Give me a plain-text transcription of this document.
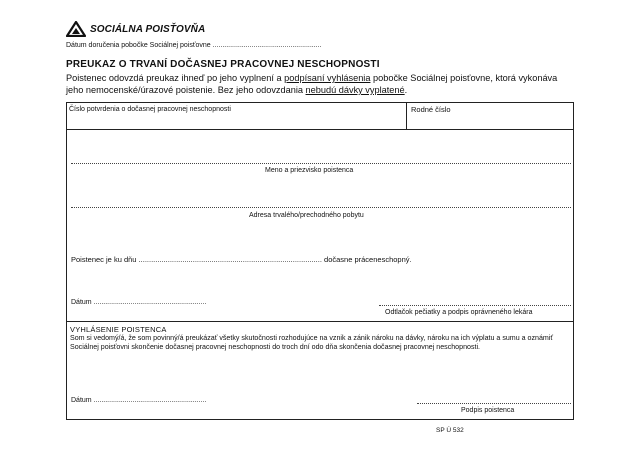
SOCIÁLNA POISŤOVŇA
Dátum doručenia pobočke Sociálnej poisťovne ........................................................
PREUKAZ O TRVANÍ DOČASNEJ PRACOVNEJ NESCHOPNOSTI
Poistenec odovzdá preukaz ihneď po jeho vyplnení a podpísaní vyhlásenia pobočke Sociálnej poisťovne, ktorá vykonáva jeho nemocenské/úrazové poistenie. Bez jeho odovzdania nebudú dávky vyplatené.
Číslo potvrdenia o dočasnej pracovnej neschopnosti	Rodné číslo
Meno a priezvisko poistenca
Adresa trvalého/prechodného pobytu
Poistenec je ku dňu ........................................................................................ dočasne práceneschopný.
Dátum ..........................................................
Odtlačok pečiatky a podpis oprávneného lekára
VYHLÁSENIE POISTENCA
Som si vedomý/á, že som povinný/á preukázať všetky skutočnosti rozhodujúce na vznik a zánik nároku na dávky, nároku na ich výplatu a sumu a oznámiť Sociálnej poisťovni skončenie dočasnej pracovnej neschopnosti do troch dní odo dňa skončenia dočasnej pracovnej neschopnosti.
Dátum ..........................................................
Podpis poistenca
SP Ú 532
